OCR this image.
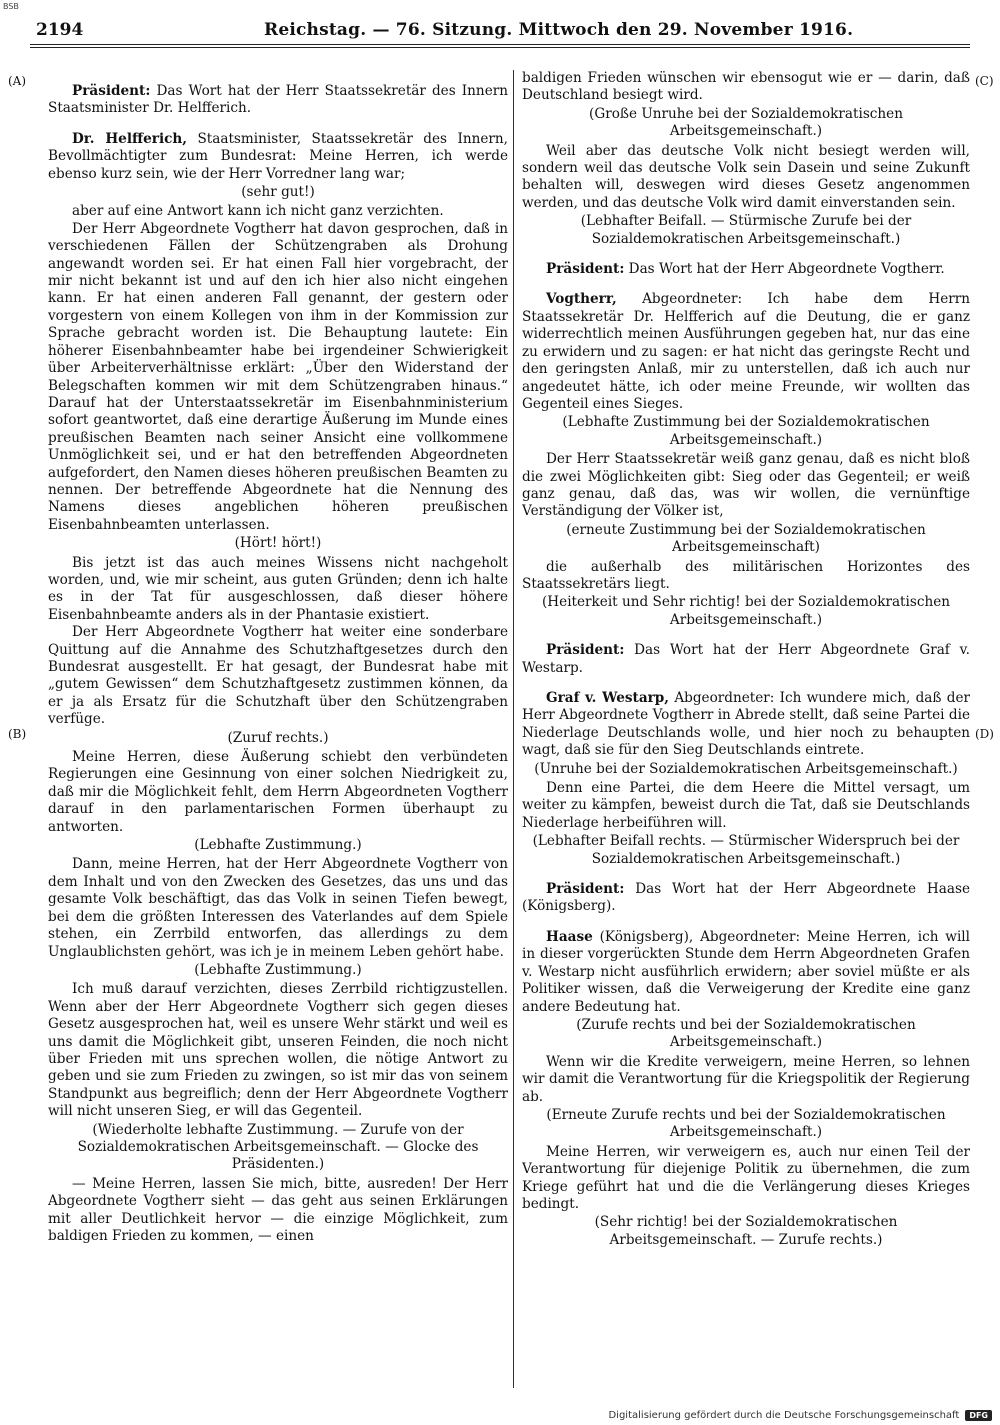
BSB
2194	Reichstag. — 76. Sitzung. Mittwoch den 29. November 1916.
(A)
(B)
(C)
(D)

Präsident: Das Wort hat der Herr Staatssekretär des Innern Staatsminister Dr. Helfferich.

Dr. Helfferich, Staatsminister, Staatssekretär des Innern, Bevollmächtigter zum Bundesrat: Meine Herren, ich werde ebenso kurz sein, wie der Herr Vorredner lang war;

(sehr gut!)

aber auf eine Antwort kann ich nicht ganz verzichten.

Der Herr Abgeordnete Vogtherr hat davon gesprochen, daß in verschiedenen Fällen der Schützengraben als Drohung angewandt worden sei. Er hat einen Fall hier vorgebracht, der mir nicht bekannt ist und auf den ich hier also nicht eingehen kann. Er hat einen anderen Fall genannt, der gestern oder vorgestern von einem Kollegen von ihm in der Kommission zur Sprache gebracht worden ist. Die Behauptung lautete: Ein höherer Eisenbahnbeamter habe bei irgendeiner Schwierigkeit über Arbeiterverhältnisse erklärt: „Über den Widerstand der Belegschaften kommen wir mit dem Schützengraben hinaus.“ Darauf hat der Unterstaatssekretär im Eisenbahnministerium sofort geantwortet, daß eine derartige Äußerung im Munde eines preußischen Beamten nach seiner Ansicht eine vollkommene Unmöglichkeit sei, und er hat den betreffenden Abgeordneten aufgefordert, den Namen dieses höheren preußischen Beamten zu nennen. Der betreffende Abgeordnete hat die Nennung des Namens dieses angeblichen höheren preußischen Eisenbahnbeamten unterlassen.

(Hört! hört!)

Bis jetzt ist das auch meines Wissens nicht nachgeholt worden, und, wie mir scheint, aus guten Gründen; denn ich halte es in der Tat für ausgeschlossen, daß dieser höhere Eisenbahnbeamte anders als in der Phantasie existiert.

Der Herr Abgeordnete Vogtherr hat weiter eine sonderbare Quittung auf die Annahme des Schutzhaftgesetzes durch den Bundesrat ausgestellt. Er hat gesagt, der Bundesrat habe mit „gutem Gewissen“ dem Schutzhaftgesetz zustimmen können, da er ja als Ersatz für die Schutzhaft über den Schützengraben verfüge.

(Zuruf rechts.)

Meine Herren, diese Äußerung schiebt den verbündeten Regierungen eine Gesinnung von einer solchen Niedrigkeit zu, daß mir die Möglichkeit fehlt, dem Herrn Abgeordneten Vogtherr darauf in den parlamentarischen Formen überhaupt zu antworten.

(Lebhafte Zustimmung.)

Dann, meine Herren, hat der Herr Abgeordnete Vogtherr von dem Inhalt und von den Zwecken des Gesetzes, das uns und das gesamte Volk beschäftigt, das das Volk in seinen Tiefen bewegt, bei dem die größten Interessen des Vaterlandes auf dem Spiele stehen, ein Zerrbild entworfen, das allerdings zu dem Unglaublichsten gehört, was ich je in meinem Leben gehört habe.

(Lebhafte Zustimmung.)

Ich muß darauf verzichten, dieses Zerrbild richtigzustellen. Wenn aber der Herr Abgeordnete Vogtherr sich gegen dieses Gesetz ausgesprochen hat, weil es unsere Wehr stärkt und weil es uns damit die Möglichkeit gibt, unseren Feinden, die noch nicht über Frieden mit uns sprechen wollen, die nötige Antwort zu geben und sie zum Frieden zu zwingen, so ist mir das von seinem Standpunkt aus begreiflich; denn der Herr Abgeordnete Vogtherr will nicht unseren Sieg, er will das Gegenteil.

(Wiederholte lebhafte Zustimmung. — Zurufe von der Sozialdemokratischen Arbeitsgemeinschaft. — Glocke des Präsidenten.)

— Meine Herren, lassen Sie mich, bitte, ausreden! Der Herr Abgeordnete Vogtherr sieht — das geht aus seinen Erklärungen mit aller Deutlichkeit hervor — die einzige Möglichkeit, zum baldigen Frieden zu kommen, — einen

baldigen Frieden wünschen wir ebensogut wie er — darin, daß Deutschland besiegt wird.

(Große Unruhe bei der Sozialdemokratischen Arbeitsgemeinschaft.)

Weil aber das deutsche Volk nicht besiegt werden will, sondern weil das deutsche Volk sein Dasein und seine Zukunft behalten will, deswegen wird dieses Gesetz angenommen werden, und das deutsche Volk wird damit einverstanden sein.

(Lebhafter Beifall. — Stürmische Zurufe bei der Sozialdemokratischen Arbeitsgemeinschaft.)

Präsident: Das Wort hat der Herr Abgeordnete Vogtherr.

Vogtherr, Abgeordneter: Ich habe dem Herrn Staatssekretär Dr. Helfferich auf die Deutung, die er ganz widerrechtlich meinen Ausführungen gegeben hat, nur das eine zu erwidern und zu sagen: er hat nicht das geringste Recht und den geringsten Anlaß, mir zu unterstellen, daß ich auch nur angedeutet hätte, ich oder meine Freunde, wir wollten das Gegenteil eines Sieges.

(Lebhafte Zustimmung bei der Sozialdemokratischen Arbeitsgemeinschaft.)

Der Herr Staatssekretär weiß ganz genau, daß es nicht bloß die zwei Möglichkeiten gibt: Sieg oder das Gegenteil; er weiß ganz genau, daß das, was wir wollen, die vernünftige Verständigung der Völker ist,

(erneute Zustimmung bei der Sozialdemokratischen Arbeitsgemeinschaft)

die außerhalb des militärischen Horizontes des Staatssekretärs liegt.

(Heiterkeit und Sehr richtig! bei der Sozialdemokratischen Arbeitsgemeinschaft.)

Präsident: Das Wort hat der Herr Abgeordnete Graf v. Westarp.

Graf v. Westarp, Abgeordneter: Ich wundere mich, daß der Herr Abgeordnete Vogtherr in Abrede stellt, daß seine Partei die Niederlage Deutschlands wolle, und hier noch zu behaupten wagt, daß sie für den Sieg Deutschlands eintrete.

(Unruhe bei der Sozialdemokratischen Arbeitsgemeinschaft.)

Denn eine Partei, die dem Heere die Mittel versagt, um weiter zu kämpfen, beweist durch die Tat, daß sie Deutschlands Niederlage herbeiführen will.

(Lebhafter Beifall rechts. — Stürmischer Widerspruch bei der Sozialdemokratischen Arbeitsgemeinschaft.)

Präsident: Das Wort hat der Herr Abgeordnete Haase (Königsberg).

Haase (Königsberg), Abgeordneter: Meine Herren, ich will in dieser vorgerückten Stunde dem Herrn Abgeordneten Grafen v. Westarp nicht ausführlich erwidern; aber soviel müßte er als Politiker wissen, daß die Verweigerung der Kredite eine ganz andere Bedeutung hat.

(Zurufe rechts und bei der Sozialdemokratischen Arbeitsgemeinschaft.)

Wenn wir die Kredite verweigern, meine Herren, so lehnen wir damit die Verantwortung für die Kriegspolitik der Regierung ab.

(Erneute Zurufe rechts und bei der Sozialdemokratischen Arbeitsgemeinschaft.)

Meine Herren, wir verweigern es, auch nur einen Teil der Verantwortung für diejenige Politik zu übernehmen, die zum Kriege geführt hat und die die Verlängerung dieses Krieges bedingt.

(Sehr richtig! bei der Sozialdemokratischen Arbeitsgemeinschaft. — Zurufe rechts.)

Digitalisierung gefördert durch die Deutsche Forschungsgemeinschaft	DFG
